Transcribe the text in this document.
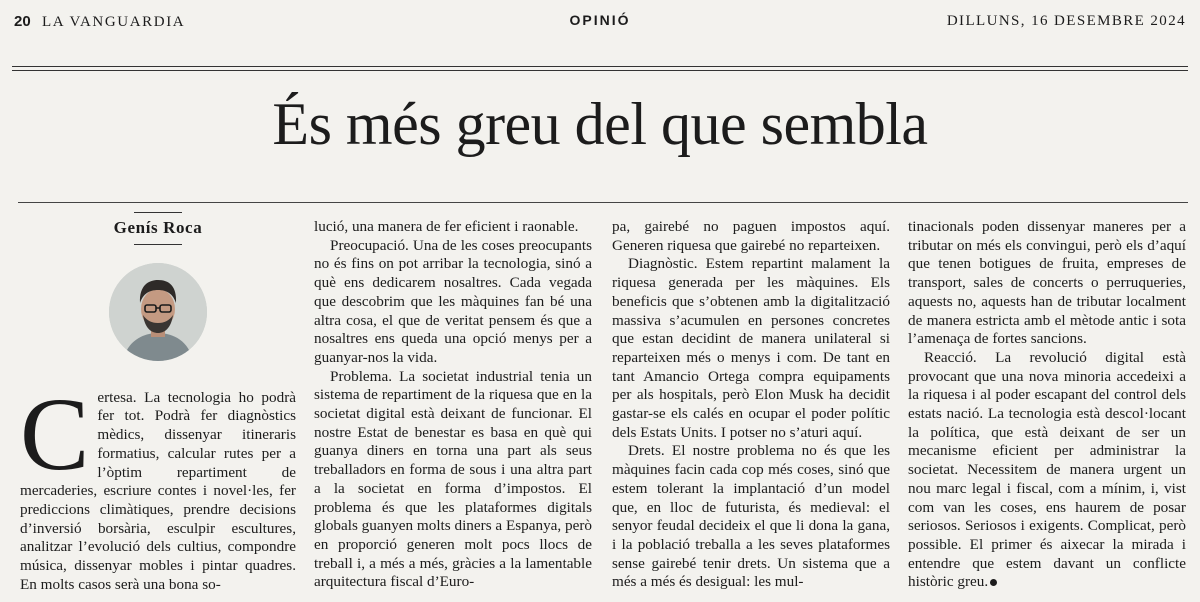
20 LA VANGUARDIA	OPINIÓ	DILLUNS, 16 DESEMBRE 2024
És més greu del que sembla
Genís Roca
C ertesa. La tecnologia ho podrà fer tot. Podrà fer diagnòstics mèdics, dissenyar itineraris formatius, calcular rutes per a l’òptim repartiment de mercaderies, escriure contes i novel·les, fer prediccions climàtiques, prendre decisions d’inversió borsària, esculpir escultures, analitzar l’evolució dels cultius, compondre música, dissenyar mobles i pintar quadres. En molts casos serà una bona so-

lució, una manera de fer eficient i raonable.

Preocupació. Una de les coses preocupants no és fins on pot arribar la tecnologia, sinó a què ens dedicarem nosaltres. Cada vegada que descobrim que les màquines fan bé una altra cosa, el que de veritat pensem és que a nosaltres ens queda una opció menys per a guanyar-nos la vida.

Problema. La societat industrial tenia un sistema de repartiment de la riquesa que en la societat digital està deixant de funcionar. El nostre Estat de benestar es basa en què qui guanya diners en torna una part als seus treballadors en forma de sous i una altra part a la societat en forma d’impostos. El problema és que les plataformes digitals globals guanyen molts diners a Espanya, però en proporció generen molt pocs llocs de treball i, a més a més, gràcies a la lamentable arquitectura fiscal d’Euro-

pa, gairebé no paguen impostos aquí. Generen riquesa que gairebé no reparteixen.

Diagnòstic. Estem repartint malament la riquesa generada per les màquines. Els beneficis que s’obtenen amb la digitalització massiva s’acumulen en persones concretes que estan decidint de manera unilateral si reparteixen més o menys i com. De tant en tant Amancio Ortega compra equipaments per als hospitals, però Elon Musk ha decidit gastar-se els calés en ocupar el poder polític dels Estats Units. I potser no s’aturi aquí.

Drets. El nostre problema no és que les màquines facin cada cop més coses, sinó que estem tolerant la implantació d’un model que, en lloc de futurista, és medieval: el senyor feudal decideix el que li dona la gana, i la població treballa a les seves plataformes sense gairebé tenir drets. Un sistema que a més a més és desigual: les mul-

tinacionals poden dissenyar maneres per a tributar on més els convingui, però els d’aquí que tenen botigues de fruita, empreses de transport, sales de concerts o perruqueries, aquests no, aquests han de tributar localment de manera estricta amb el mètode antic i sota l’amenaça de fortes sancions.

Reacció. La revolució digital està provocant que una nova minoria accedeixi a la riquesa i al poder escapant del control dels estats nació. La tecnologia està descol·locant la política, que està deixant de ser un mecanisme eficient per administrar la societat. Necessitem de manera urgent un nou marc legal i fiscal, com a mínim, i, vist com van les coses, ens haurem de posar seriosos. Seriosos i exigents. Complicat, però possible. El primer és aixecar la mirada i entendre que estem davant un conflicte històric greu.
